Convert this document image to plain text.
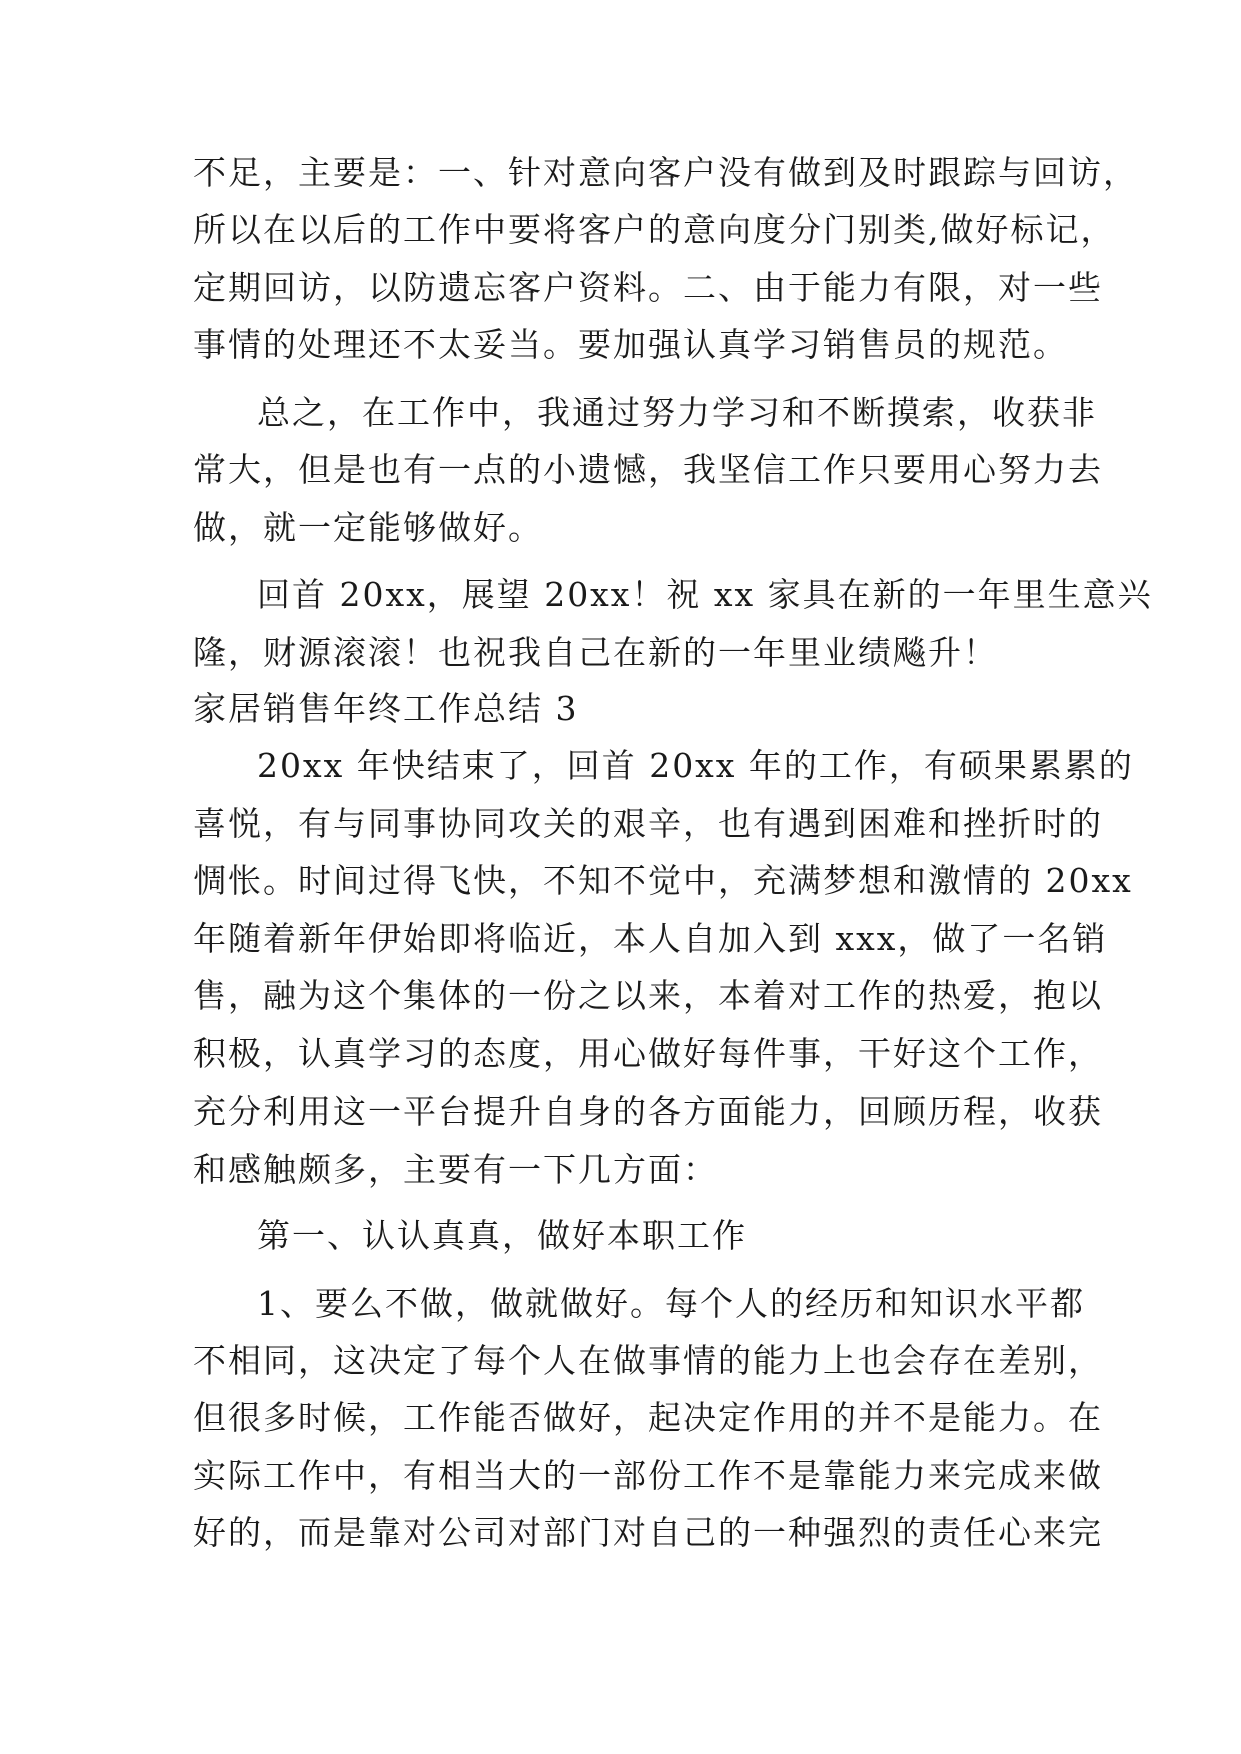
不足，主要是：一、针对意向客户没有做到及时跟踪与回访，
所以在以后的工作中要将客户的意向度分门别类,做好标记，
定期回访，以防遗忘客户资料。二、由于能力有限，对一些
事情的处理还不太妥当。要加强认真学习销售员的规范。
总之，在工作中，我通过努力学习和不断摸索，收获非
常大，但是也有一点的小遗憾，我坚信工作只要用心努力去
做，就一定能够做好。
回首 20xx，展望 20xx！祝 xx 家具在新的一年里生意兴
隆，财源滚滚！也祝我自己在新的一年里业绩飚升！
家居销售年终工作总结 3
20xx 年快结束了，回首 20xx 年的工作，有硕果累累的
喜悦，有与同事协同攻关的艰辛，也有遇到困难和挫折时的
惆怅。时间过得飞快，不知不觉中，充满梦想和激情的 20xx
年随着新年伊始即将临近，本人自加入到 xxx，做了一名销
售，融为这个集体的一份之以来，本着对工作的热爱，抱以
积极，认真学习的态度，用心做好每件事，干好这个工作，
充分利用这一平台提升自身的各方面能力，回顾历程，收获
和感触颇多，主要有一下几方面：
第一、认认真真，做好本职工作
1、要么不做，做就做好。每个人的经历和知识水平都
不相同，这决定了每个人在做事情的能力上也会存在差别，
但很多时候，工作能否做好，起决定作用的并不是能力。在
实际工作中，有相当大的一部份工作不是靠能力来完成来做
好的，而是靠对公司对部门对自己的一种强烈的责任心来完
